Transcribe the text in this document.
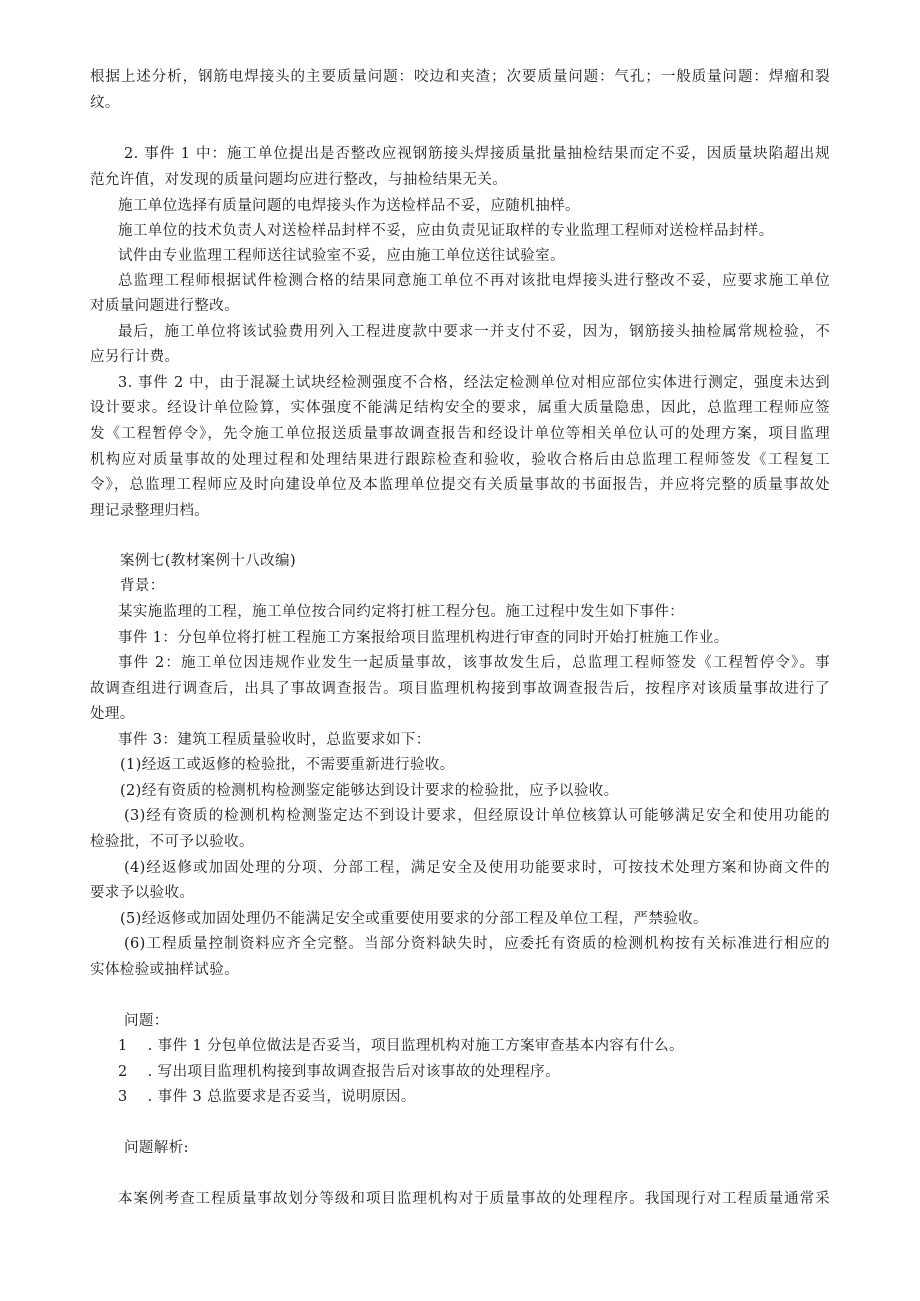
根据上述分析，钢筋电焊接头的主要质量问题：咬边和夹渣；次要质量问题：气孔；一般质量问题：焊瘤和裂
纹。
2. 事件 1 中：施工单位提出是否整改应视钢筋接头焊接质量批量抽检结果而定不妥，因质量块陷超出规
范允许值，对发现的质量问题均应进行整改，与抽检结果无关。
施工单位选择有质量问题的电焊接头作为送检样品不妥，应随机抽样。
施工单位的技术负责人对送检样品封样不妥，应由负责见证取样的专业监理工程师对送检样品封样。
试件由专业监理工程师送往试验室不妥，应由施工单位送往试验室。
总监理工程师根据试件检测合格的结果同意施工单位不再对该批电焊接头进行整改不妥，应要求施工单位
对质量问题进行整改。
最后，施工单位将该试验费用列入工程进度款中要求一并支付不妥，因为，钢筋接头抽检属常规检验，不
应另行计费。
3. 事件 2 中，由于混凝土试块经检测强度不合格，经法定检测单位对相应部位实体进行测定，强度未达到
设计要求。经设计单位险算，实体强度不能满足结构安全的要求，属重大质量隐患，因此，总监理工程师应签
发《工程暂停令》，先令施工单位报送质量事故调查报告和经设计单位等相关单位认可的处理方案，项目监理
机构应对质量事故的处理过程和处理结果进行跟踪检查和验收，验收合格后由总监理工程师签发《工程复工
令》，总监理工程师应及时向建设单位及本监理单位提交有关质量事故的书面报告，并应将完整的质量事故处
理记录整理归档。
案例七(教材案例十八改编)
背景：
某实施监理的工程，施工单位按合同约定将打桩工程分包。施工过程中发生如下事件：
事件 1：分包单位将打桩工程施工方案报给项目监理机构进行审查的同时开始打桩施工作业。
事件 2：施工单位因违规作业发生一起质量事故，该事故发生后，总监理工程师签发《工程暂停令》。事
故调查组进行调查后，出具了事故调查报告。项目监理机构接到事故调查报告后，按程序对该质量事故进行了
处理。
事件 3：建筑工程质量验收时，总监要求如下：
(1)经返工或返修的检验批，不需要重新进行验收。
(2)经有资质的检测机构检测鉴定能够达到设计要求的检验批，应予以验收。
(3)经有资质的检测机构检测鉴定达不到设计要求，但经原设计单位核算认可能够满足安全和使用功能的
检验批，不可予以验收。
(4)经返修或加固处理的分项、分部工程，满足安全及使用功能要求时，可按技术处理方案和协商文件的
要求予以验收。
(5)经返修或加固处理仍不能满足安全或重要使用要求的分部工程及单位工程，严禁验收。
(6)工程质量控制资料应齐全完整。当部分资料缺失时，应委托有资质的检测机构按有关标准进行相应的
实体检验或抽样试验。
问题：
1    . 事件 1 分包单位做法是否妥当，项目监理机构对施工方案审查基本内容有什么。
2    . 写出项目监理机构接到事故调查报告后对该事故的处理程序。
3    . 事件 3 总监要求是否妥当，说明原因。
问题解析:
本案例考查工程质量事故划分等级和项目监理机构对于质量事故的处理程序。我国现行对工程质量通常采
